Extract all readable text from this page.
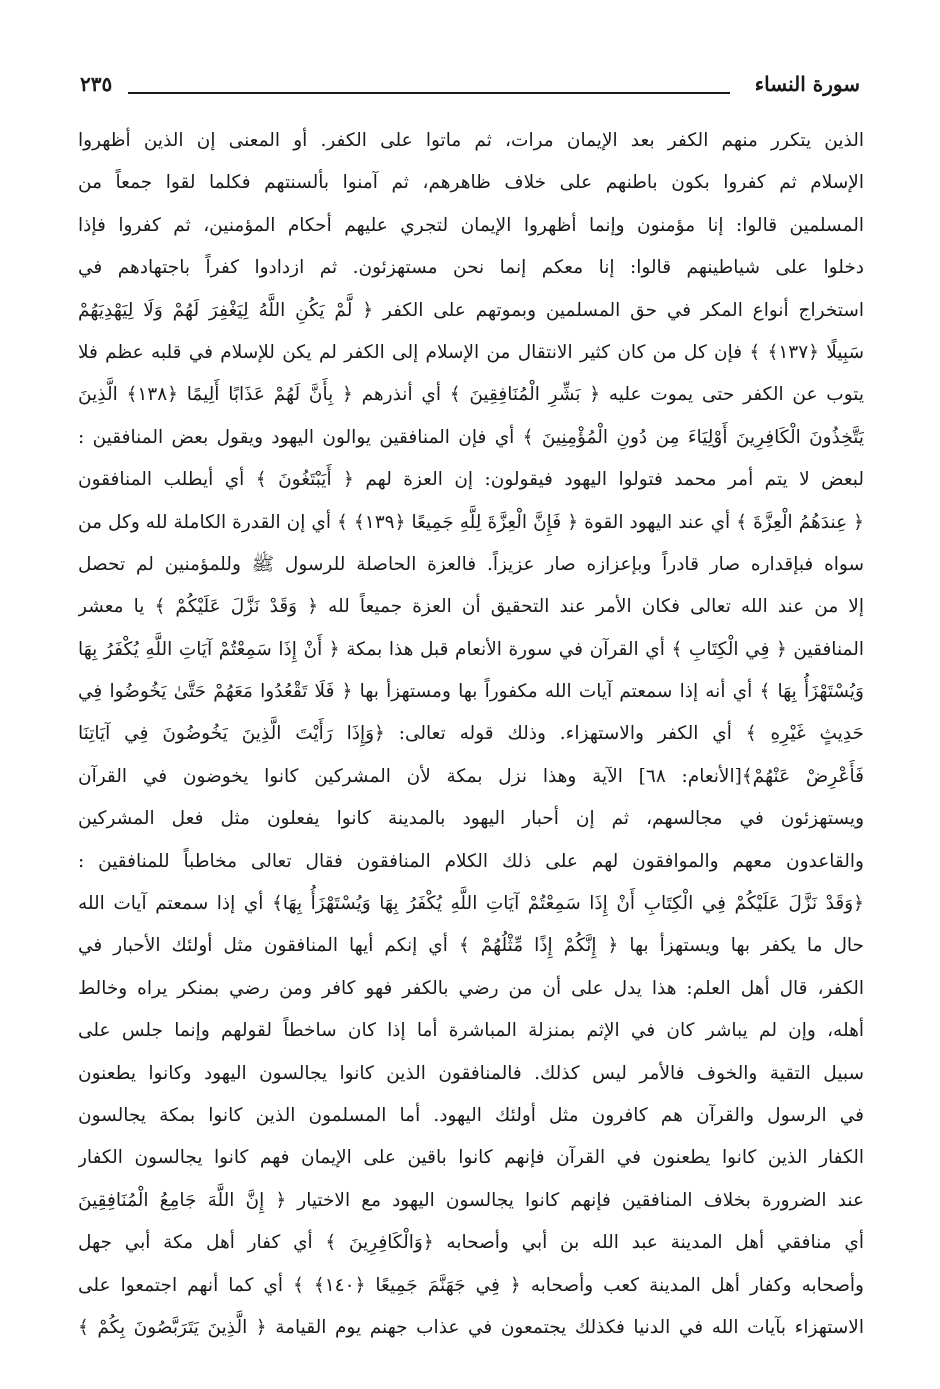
سورة النساء
٢٣٥
الذين يتكرر منهم الكفر بعد الإيمان مرات، ثم ماتوا على الكفر. أو المعنى إن الذين أظهروا
الإسلام ثم كفروا بكون باطنهم على خلاف ظاهرهم، ثم آمنوا بألسنتهم فكلما لقوا جمعاً من
المسلمين قالوا: إنا مؤمنون وإنما أظهروا الإيمان لتجري عليهم أحكام المؤمنين، ثم كفروا فإذا
دخلوا على شياطينهم قالوا: إنا معكم إنما نحن مستهزئون. ثم ازدادوا كفراً باجتهادهم في
استخراج أنواع المكر في حق المسلمين وبموتهم على الكفر ﴿ لَّمْ يَكُنِ اللَّهُ لِيَغْفِرَ لَهُمْ وَلَا لِيَهْدِيَهُمْ
سَبِيلًا ﴿١٣٧﴾ ﴾ فإن كل من كان كثير الانتقال من الإسلام إلى الكفر لم يكن للإسلام في قلبه عظم فلا
يتوب عن الكفر حتى يموت عليه ﴿ بَشِّرِ الْمُنَافِقِينَ ﴾ أي أنذرهم ﴿ بِأَنَّ لَهُمْ عَذَابًا أَلِيمًا ﴿١٣٨﴾ الَّذِينَ
يَتَّخِذُونَ الْكَافِرِينَ أَوْلِيَاءَ مِن دُونِ الْمُؤْمِنِينَ ﴾ أي فإن المنافقين يوالون اليهود ويقول بعض المنافقين :
لبعض لا يتم أمر محمد فتولوا اليهود فيقولون: إن العزة لهم ﴿ أَيَبْتَغُونَ ﴾ أي أيطلب المنافقون
﴿ عِندَهُمُ الْعِزَّةَ ﴾ أي عند اليهود القوة ﴿ فَإِنَّ الْعِزَّةَ لِلَّهِ جَمِيعًا ﴿١٣٩﴾ ﴾ أي إن القدرة الكاملة لله وكل من
سواه فبإقداره صار قادراً وبإعزازه صار عزيزاً. فالعزة الحاصلة للرسول ﷺ وللمؤمنين لم تحصل
إلا من عند الله تعالى فكان الأمر عند التحقيق أن العزة جميعاً لله ﴿ وَقَدْ نَزَّلَ عَلَيْكُمْ ﴾ يا معشر
المنافقين ﴿ فِي الْكِتَابِ ﴾ أي القرآن في سورة الأنعام قبل هذا بمكة ﴿ أَنْ إِذَا سَمِعْتُمْ آيَاتِ اللَّهِ يُكْفَرُ بِهَا
وَيُسْتَهْزَأُ بِهَا ﴾ أي أنه إذا سمعتم آيات الله مكفوراً بها ومستهزأ بها ﴿ فَلَا تَقْعُدُوا مَعَهُمْ حَتَّىٰ يَخُوضُوا فِي
حَدِيثٍ غَيْرِهِ ﴾ أي الكفر والاستهزاء. وذلك قوله تعالى: ﴿وَإِذَا رَأَيْتَ الَّذِينَ يَخُوضُونَ فِي آيَاتِنَا
فَأَعْرِضْ عَنْهُمْ﴾[الأنعام: ٦٨] الآية وهذا نزل بمكة لأن المشركين كانوا يخوضون في القرآن
ويستهزئون في مجالسهم، ثم إن أحبار اليهود بالمدينة كانوا يفعلون مثل فعل المشركين
والقاعدون معهم والموافقون لهم على ذلك الكلام المنافقون فقال تعالى مخاطباً للمنافقين :
﴿وَقَدْ نَزَّلَ عَلَيْكُمْ فِي الْكِتَابِ أَنْ إِذَا سَمِعْتُمْ آيَاتِ اللَّهِ يُكْفَرُ بِهَا وَيُسْتَهْزَأُ بِهَا﴾ أي إذا سمعتم آيات الله
حال ما يكفر بها ويستهزأ بها ﴿ إِنَّكُمْ إِذًا مِّثْلُهُمْ ﴾ أي إنكم أيها المنافقون مثل أولئك الأحبار في
الكفر، قال أهل العلم: هذا يدل على أن من رضي بالكفر فهو كافر ومن رضي بمنكر يراه وخالط
أهله، وإن لم يباشر كان في الإثم بمنزلة المباشرة أما إذا كان ساخطاً لقولهم وإنما جلس على
سبيل التقية والخوف فالأمر ليس كذلك. فالمنافقون الذين كانوا يجالسون اليهود وكانوا يطعنون
في الرسول والقرآن هم كافرون مثل أولئك اليهود. أما المسلمون الذين كانوا بمكة يجالسون
الكفار الذين كانوا يطعنون في القرآن فإنهم كانوا باقين على الإيمان فهم كانوا يجالسون الكفار
عند الضرورة بخلاف المنافقين فإنهم كانوا يجالسون اليهود مع الاختيار ﴿ إِنَّ اللَّهَ جَامِعُ الْمُنَافِقِينَ
أي منافقي أهل المدينة عبد الله بن أبي وأصحابه ﴿وَالْكَافِرِينَ ﴾ أي كفار أهل مكة أبي جهل
وأصحابه وكفار أهل المدينة كعب وأصحابه ﴿ فِي جَهَنَّمَ جَمِيعًا ﴿١٤٠﴾ ﴾ أي كما أنهم اجتمعوا على
الاستهزاء بآيات الله في الدنيا فكذلك يجتمعون في عذاب جهنم يوم القيامة ﴿ الَّذِينَ يَتَرَبَّصُونَ بِكُمْ ﴾
